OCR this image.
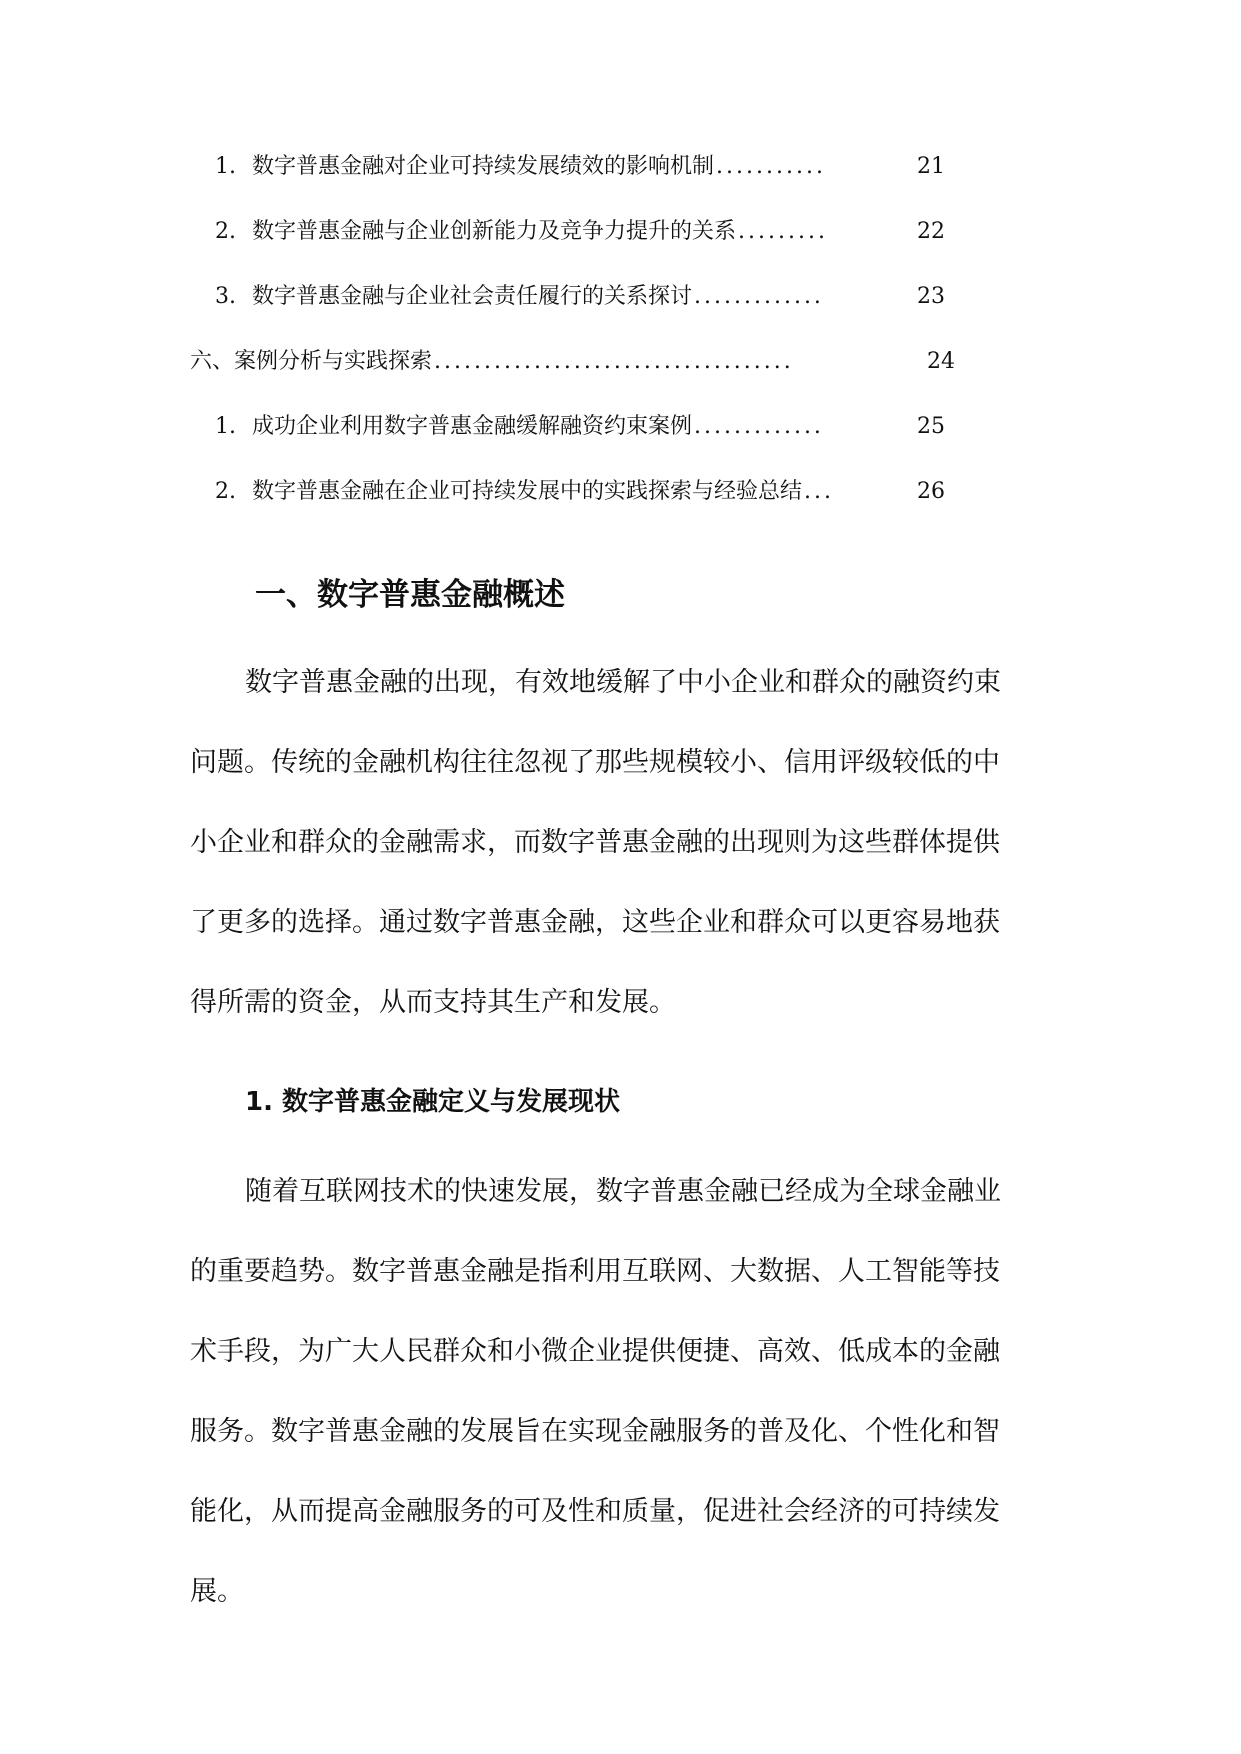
1. 数字普惠金融对企业可持续发展绩效的影响机制 ...........	21
2. 数字普惠金融与企业创新能力及竞争力提升的关系 .........	22
3. 数字普惠金融与企业社会责任履行的关系探讨 .............	23
六、案例分析与实践探索 ....................................	24
1. 成功企业利用数字普惠金融缓解融资约束案例 .............	25
2. 数字普惠金融在企业可持续发展中的实践探索与经验总结 ...	26
一、数字普惠金融概述
数字普惠金融的出现，有效地缓解了中小企业和群众的融资约束
问题。传统的金融机构往往忽视了那些规模较小、信用评级较低的中
小企业和群众的金融需求，而数字普惠金融的出现则为这些群体提供
了更多的选择。通过数字普惠金融，这些企业和群众可以更容易地获
得所需的资金，从而支持其生产和发展。
1. 数字普惠金融定义与发展现状
随着互联网技术的快速发展，数字普惠金融已经成为全球金融业
的重要趋势。数字普惠金融是指利用互联网、大数据、人工智能等技
术手段，为广大人民群众和小微企业提供便捷、高效、低成本的金融
服务。数字普惠金融的发展旨在实现金融服务的普及化、个性化和智
能化，从而提高金融服务的可及性和质量，促进社会经济的可持续发
展。
